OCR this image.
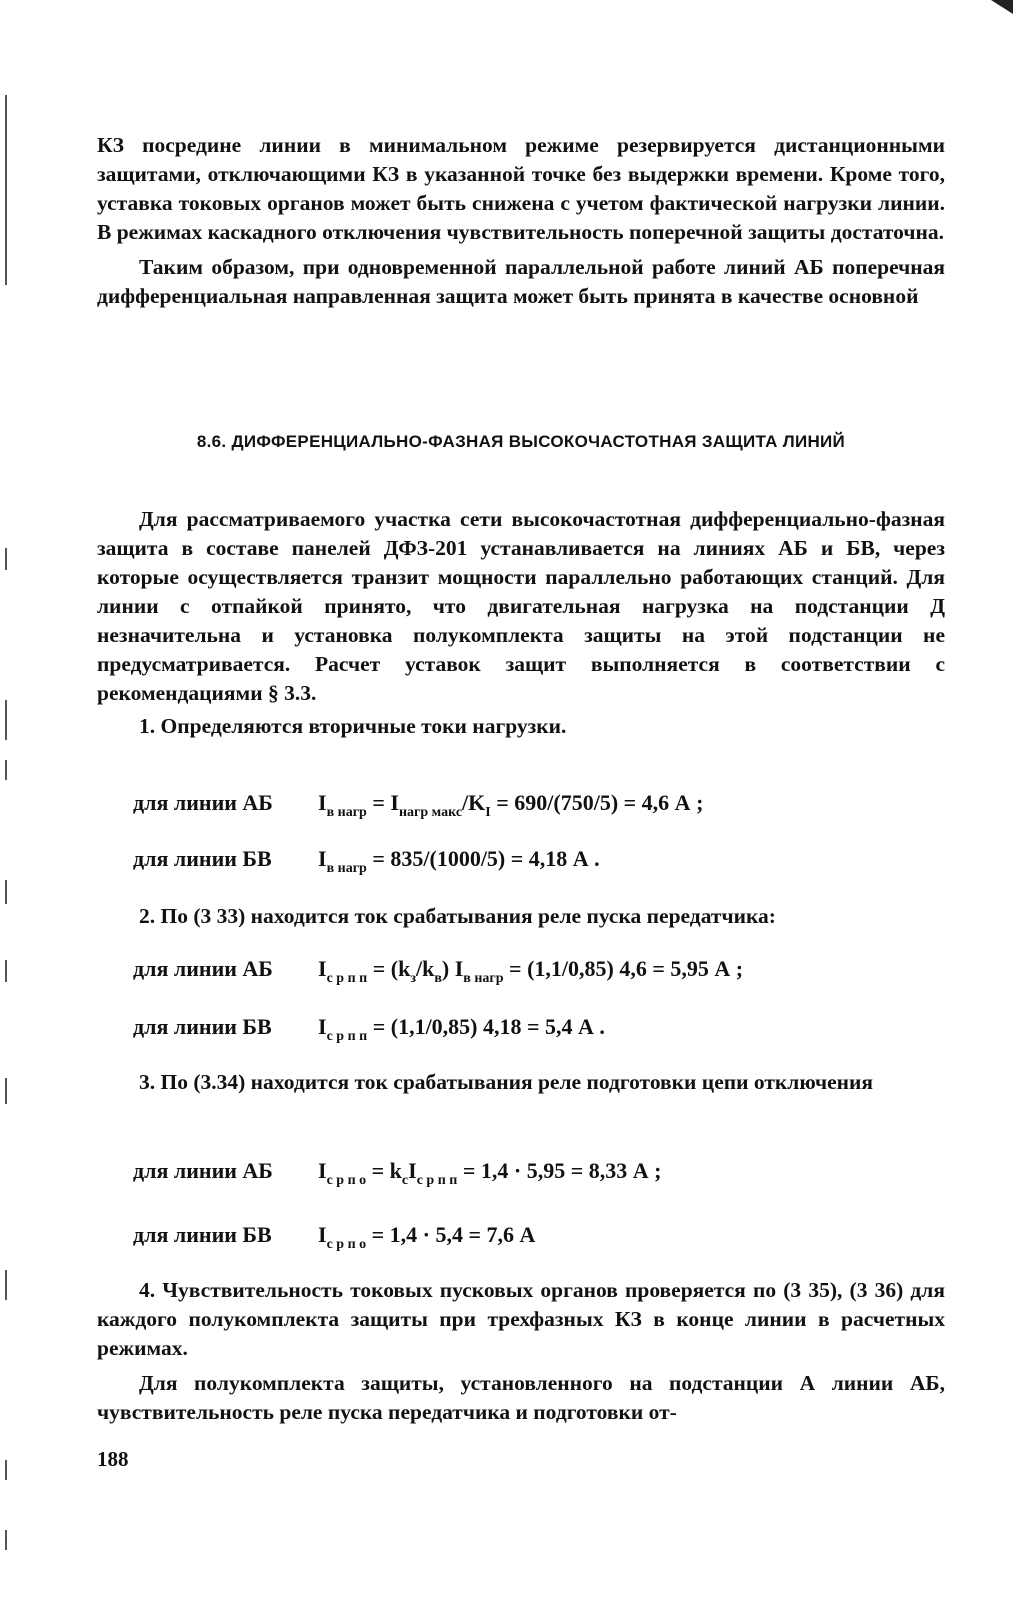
КЗ посредине линии в минимальном режиме резервируется дистанционными защитами, отключающими КЗ в указанной точке без выдержки времени. Кроме того, уставка токовых органов может быть снижена с учетом фактической нагрузки линии. В режимах каскадного отключения чувствительность поперечной защиты достаточна.

Таким образом, при одновременной параллельной работе линий АБ поперечная дифференциальная направленная защита может быть принята в качестве основной

8.6. ДИФФЕРЕНЦИАЛЬНО-ФАЗНАЯ ВЫСОКОЧАСТОТНАЯ ЗАЩИТА ЛИНИЙ

Для рассматриваемого участка сети высокочастотная дифференциально-фазная защита в составе панелей ДФЗ-201 устанавливается на линиях АБ и БВ, через которые осуществляется транзит мощности параллельно работающих станций. Для линии с отпайкой принято, что двигательная нагрузка на подстанции Д незначительна и установка полукомплекта защиты на этой подстанции не предусматривается. Расчет уставок защит выполняется в соответствии с рекомендациями § 3.3.

1. Определяются вторичные токи нагрузки.

для линии АБ $I_{в нагр} = I_{нагр макс}/K_I = 690/(750/5) = 4,6$ А ;
для линии БВ $I_{в нагр} = 835/(1000/5) = 4,18$ А .

2. По (3 33) находится ток срабатывания реле пуска передатчика:

для линии АБ $I_{с р п п} = (k_з/k_в) I_{в нагр} = (1,1/0,85) 4,6 = 5,95$ А ;
для линии БВ $I_{с р п п} = (1,1/0,85) 4,18 = 5,4$ А .

3. По (3.34) находится ток срабатывания реле подготовки цепи отключения

для линии АБ $I_{с р п о} = k_сI_{с р п п} = 1,4 \cdot 5,95 = 8,33$ А ;
для линии БВ $I_{с р п о} = 1,4 \cdot 5,4 = 7,6$ А

4. Чувствительность токовых пусковых органов проверяется по (3 35), (3 36) для каждого полукомплекта защиты при трехфазных КЗ в конце линии в расчетных режимах.

Для полукомплекта защиты, установленного на подстанции А линии АБ, чувствительность реле пуска передатчика и подготовки от-

188
